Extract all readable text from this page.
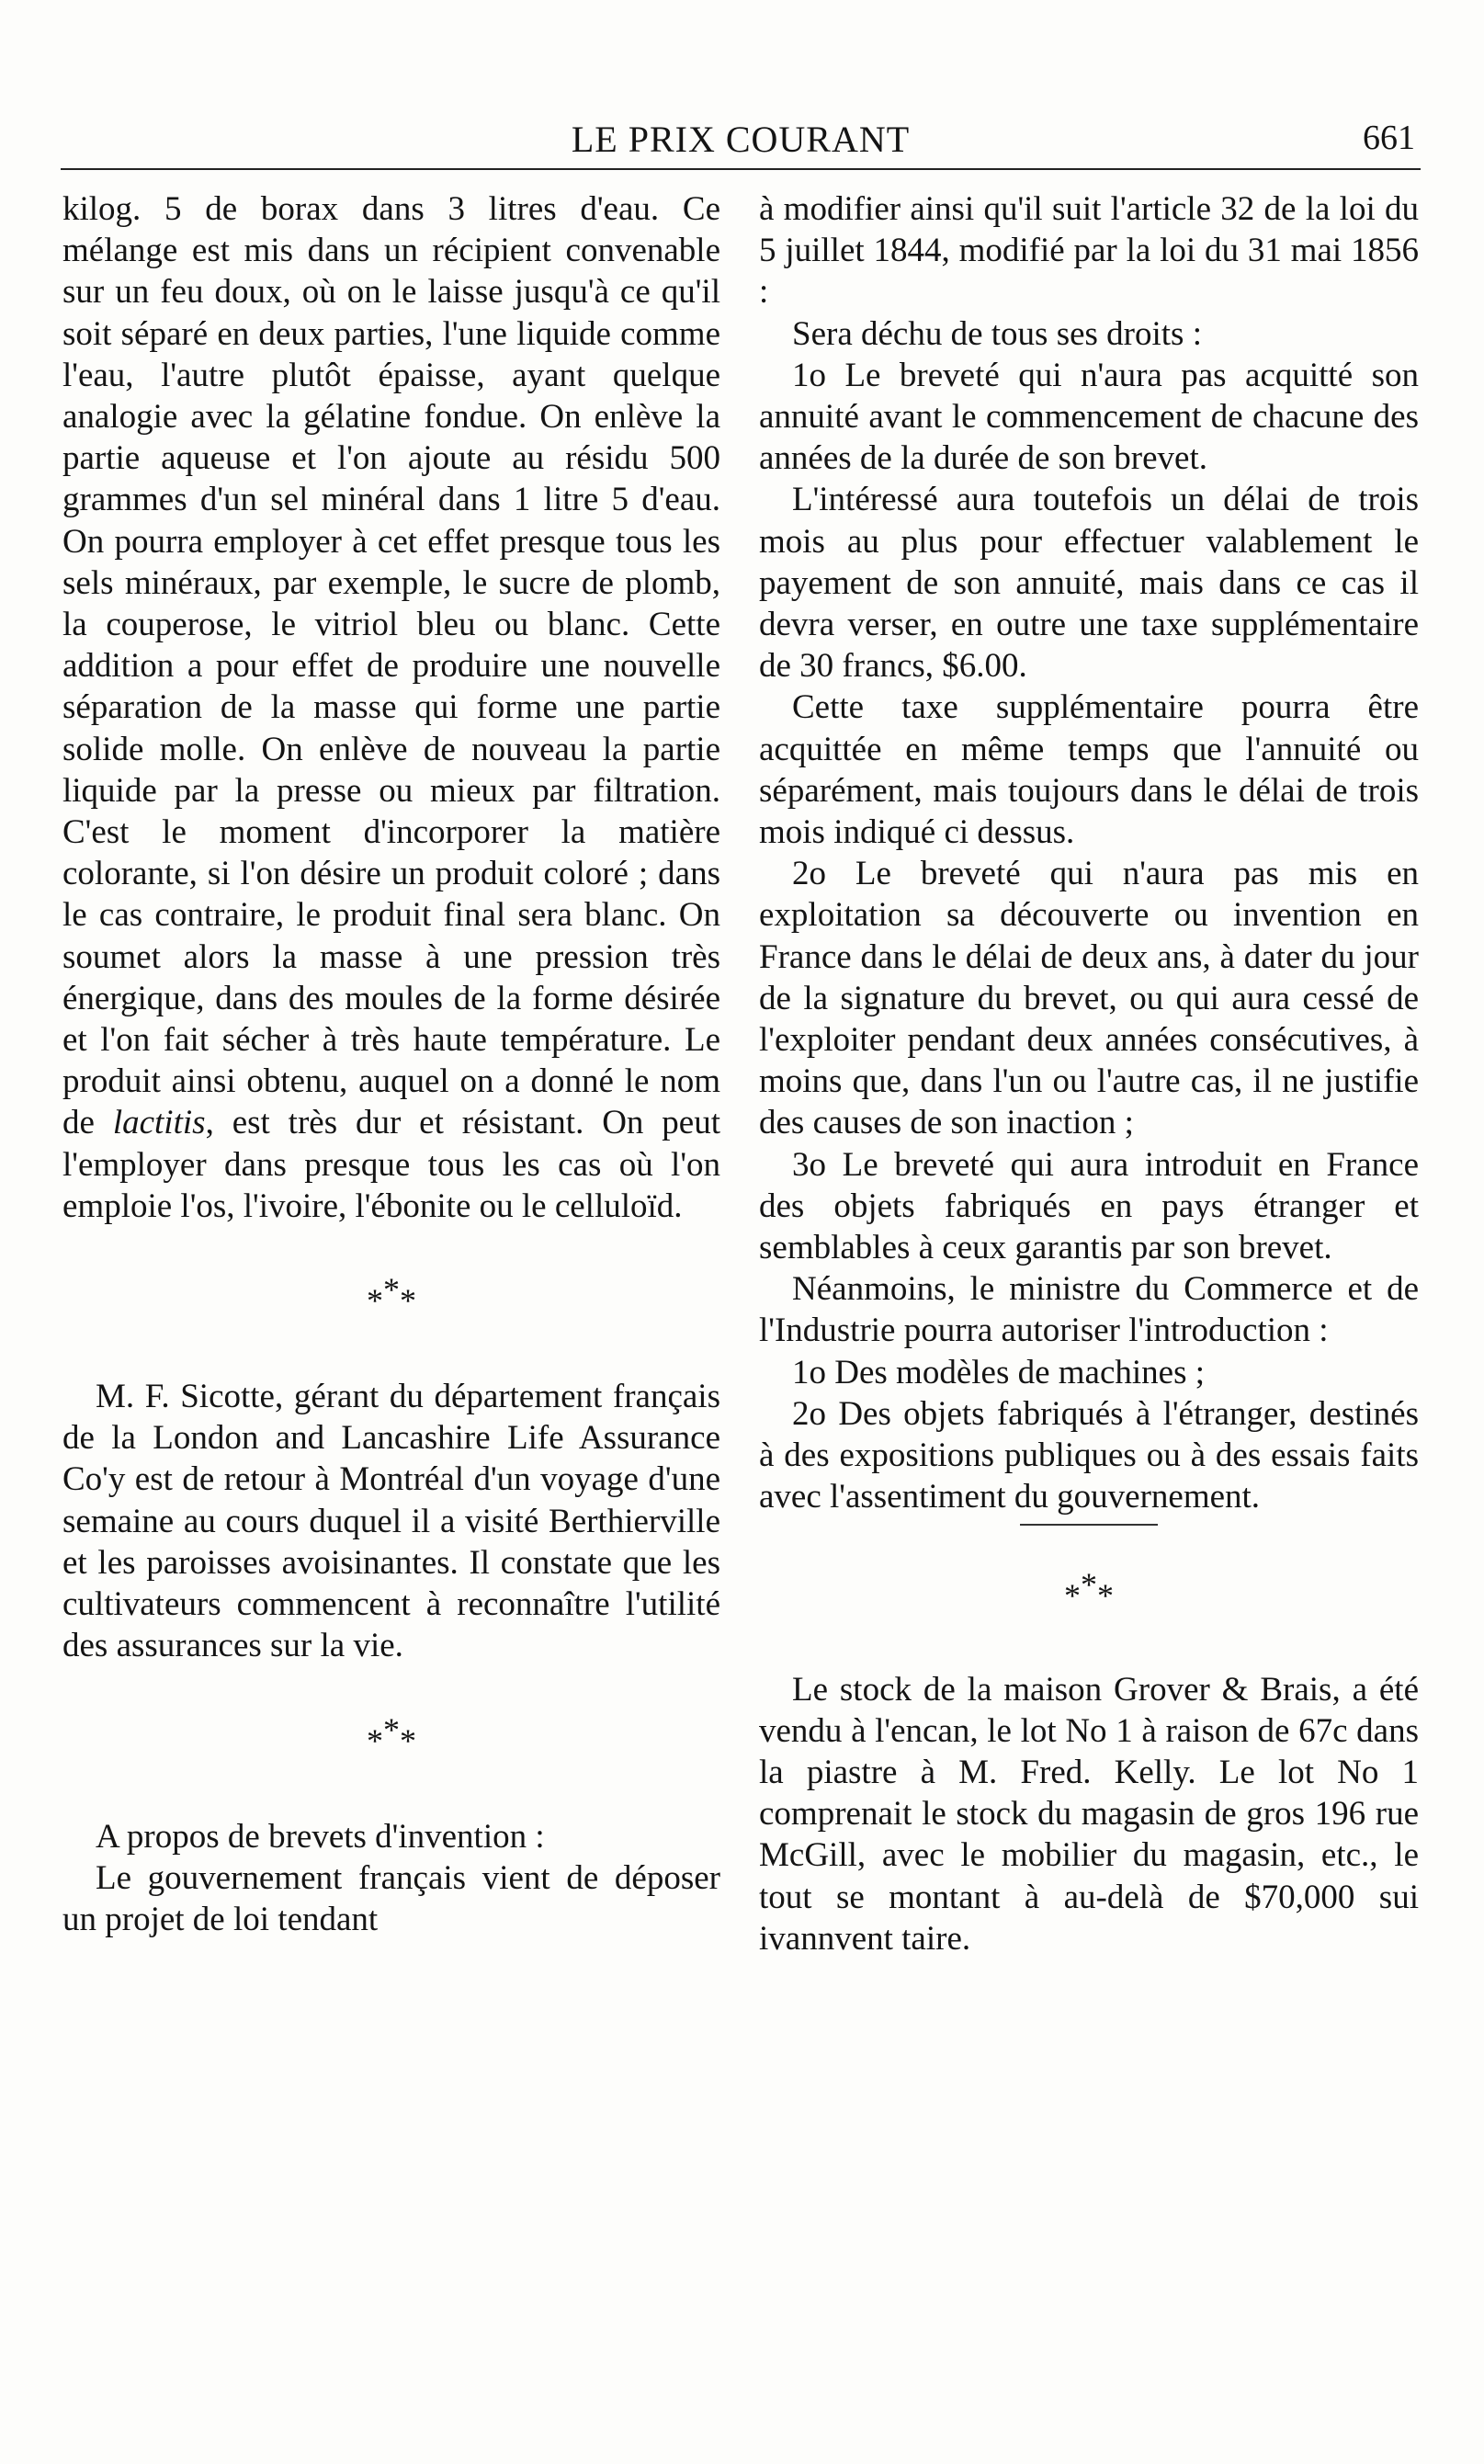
LE PRIX COURANT	661

kilog. 5 de borax dans 3 litres d'eau. Ce mélange est mis dans un récipient convenable sur un feu doux, où on le laisse jusqu'à ce qu'il soit séparé en deux parties, l'une liquide comme l'eau, l'autre plutôt épaisse, ayant quelque analogie avec la gélatine fondue. On enlève la partie aqueuse et l'on ajoute au résidu 500 grammes d'un sel minéral dans 1 litre 5 d'eau. On pourra employer à cet effet presque tous les sels minéraux, par exemple, le sucre de plomb, la couperose, le vitriol bleu ou blanc. Cette addition a pour effet de produire une nouvelle séparation de la masse qui forme une partie solide molle. On enlève de nouveau la partie liquide par la presse ou mieux par filtration. C'est le moment d'incorporer la matière colorante, si l'on désire un produit coloré ; dans le cas contraire, le produit final sera blanc. On soumet alors la masse à une pression très énergique, dans des moules de la forme désirée et l'on fait sécher à très haute température. Le produit ainsi obtenu, auquel on a donné le nom de lactitis, est très dur et résistant. On peut l'employer dans presque tous les cas où l'on emploie l'os, l'ivoire, l'ébonite ou le celluloïd.

***

M. F. Sicotte, gérant du département français de la London and Lancashire Life Assurance Co'y est de retour à Montréal d'un voyage d'une semaine au cours duquel il a visité Berthierville et les paroisses avoisinantes. Il constate que les cultivateurs commencent à reconnaître l'utilité des assurances sur la vie.

***

A propos de brevets d'invention :

Le gouvernement français vient de déposer un projet de loi tendant

à modifier ainsi qu'il suit l'article 32 de la loi du 5 juillet 1844, modifié par la loi du 31 mai 1856 :

Sera déchu de tous ses droits :

1o Le breveté qui n'aura pas acquitté son annuité avant le commencement de chacune des années de la durée de son brevet.

L'intéressé aura toutefois un délai de trois mois au plus pour effectuer valablement le payement de son annuité, mais dans ce cas il devra verser, en outre une taxe supplémentaire de 30 francs, $6.00.

Cette taxe supplémentaire pourra être acquittée en même temps que l'annuité ou séparément, mais toujours dans le délai de trois mois indiqué ci dessus.

2o Le breveté qui n'aura pas mis en exploitation sa découverte ou invention en France dans le délai de deux ans, à dater du jour de la signature du brevet, ou qui aura cessé de l'exploiter pendant deux années consécutives, à moins que, dans l'un ou l'autre cas, il ne justifie des causes de son inaction ;

3o Le breveté qui aura introduit en France des objets fabriqués en pays étranger et semblables à ceux garantis par son brevet.

Néanmoins, le ministre du Commerce et de l'Industrie pourra autoriser l'introduction :

1o Des modèles de machines ;

2o Des objets fabriqués à l'étranger, destinés à des expositions publiques ou à des essais faits avec l'assentiment du gouvernement.

***

Le stock de la maison Grover & Brais, a été vendu à l'encan, le lot No 1 à raison de 67c dans la piastre à M. Fred. Kelly. Le lot No 1 comprenait le stock du magasin de gros 196 rue McGill, avec le mobilier du magasin, etc., le tout se montant à au-delà de $70,000 sui ivannvent taire.
